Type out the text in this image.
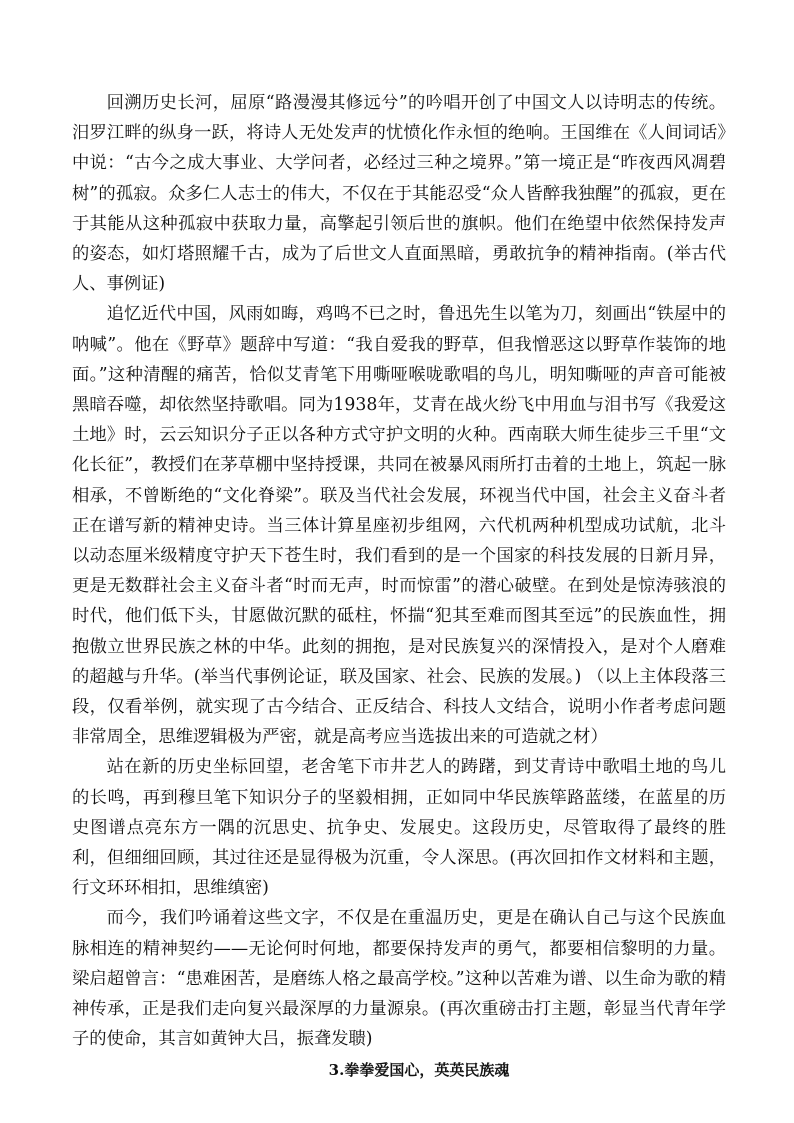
回溯历史长河，屈原“路漫漫其修远兮”的吟唱开创了中国文人以诗明志的传统。汨罗江畔的纵身一跃，将诗人无处发声的忧愤化作永恒的绝响。王国维在《人间词话》中说：“古今之成大事业、大学问者，必经过三种之境界。”第一境正是“昨夜西风凋碧树”的孤寂。众多仁人志士的伟大，不仅在于其能忍受“众人皆醉我独醒”的孤寂，更在于其能从这种孤寂中获取力量，高擎起引领后世的旗帜。他们在绝望中依然保持发声的姿态，如灯塔照耀千古，成为了后世文人直面黑暗，勇敢抗争的精神指南。(举古代人、事例证)

追忆近代中国，风雨如晦，鸡鸣不已之时，鲁迅先生以笔为刀，刻画出“铁屋中的呐喊”。他在《野草》题辞中写道：“我自爱我的野草，但我憎恶这以野草作装饰的地面。”这种清醒的痛苦，恰似艾青笔下用嘶哑喉咙歌唱的鸟儿，明知嘶哑的声音可能被黑暗吞噬，却依然坚持歌唱。同为1938年，艾青在战火纷飞中用血与泪书写《我爱这土地》时，云云知识分子正以各种方式守护文明的火种。西南联大师生徒步三千里“文化长征”，教授们在茅草棚中坚持授课，共同在被暴风雨所打击着的土地上，筑起一脉相承，不曾断绝的“文化脊梁”。联及当代社会发展，环视当代中国，社会主义奋斗者正在谱写新的精神史诗。当三体计算星座初步组网，六代机两种机型成功试航，北斗以动态厘米级精度守护天下苍生时，我们看到的是一个国家的科技发展的日新月异，更是无数群社会主义奋斗者“时而无声，时而惊雷”的潜心破壁。在到处是惊涛骇浪的时代，他们低下头，甘愿做沉默的砥柱，怀揣“犯其至难而图其至远”的民族血性，拥抱傲立世界民族之林的中华。此刻的拥抱，是对民族复兴的深情投入，是对个人磨难的超越与升华。(举当代事例论证，联及国家、社会、民族的发展。) （以上主体段落三段，仅看举例，就实现了古今结合、正反结合、科技人文结合，说明小作者考虑问题非常周全，思维逻辑极为严密，就是高考应当选拔出来的可造就之材）

站在新的历史坐标回望，老舍笔下市井艺人的踌躇，到艾青诗中歌唱土地的鸟儿的长鸣，再到穆旦笔下知识分子的坚毅相拥，正如同中华民族筚路蓝缕，在蓝星的历史图谱点亮东方一隅的沉思史、抗争史、发展史。这段历史，尽管取得了最终的胜利，但细细回顾，其过往还是显得极为沉重，令人深思。(再次回扣作文材料和主题，行文环环相扣，思维缜密)

而今，我们吟诵着这些文字，不仅是在重温历史，更是在确认自己与这个民族血脉相连的精神契约——无论何时何地，都要保持发声的勇气，都要相信黎明的力量。梁启超曾言：“患难困苦，是磨练人格之最高学校。”这种以苦难为谱、以生命为歌的精神传承，正是我们走向复兴最深厚的力量源泉。(再次重磅击打主题，彰显当代青年学子的使命，其言如黄钟大吕，振聋发聩)

3.拳拳爱国心，英英民族魂
